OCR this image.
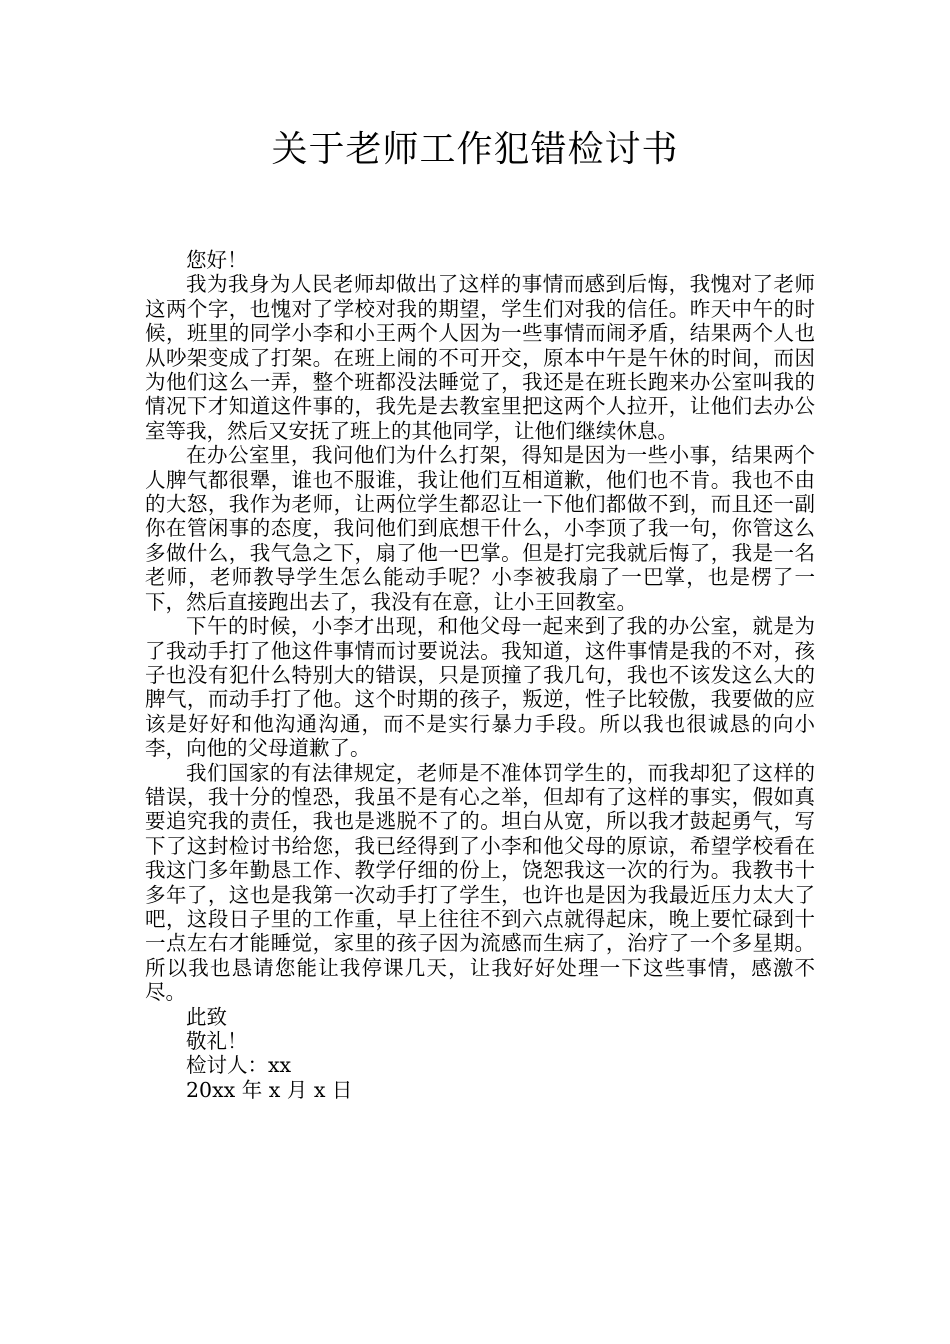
关于老师工作犯错检讨书
您好！

我为我身为人民老师却做出了这样的事情而感到后悔，我愧对了老师这两个字，也愧对了学校对我的期望，学生们对我的信任。昨天中午的时候，班里的同学小李和小王两个人因为一些事情而闹矛盾，结果两个人也从吵架变成了打架。在班上闹的不可开交，原本中午是午休的时间，而因为他们这么一弄，整个班都没法睡觉了，我还是在班长跑来办公室叫我的情况下才知道这件事的，我先是去教室里把这两个人拉开，让他们去办公室等我，然后又安抚了班上的其他同学，让他们继续休息。

在办公室里，我问他们为什么打架，得知是因为一些小事，结果两个人脾气都很犟，谁也不服谁，我让他们互相道歉，他们也不肯。我也不由的大怒，我作为老师，让两位学生都忍让一下他们都做不到，而且还一副你在管闲事的态度，我问他们到底想干什么，小李顶了我一句，你管这么多做什么，我气急之下，扇了他一巴掌。但是打完我就后悔了，我是一名老师，老师教导学生怎么能动手呢？小李被我扇了一巴掌，也是楞了一下，然后直接跑出去了，我没有在意，让小王回教室。

下午的时候，小李才出现，和他父母一起来到了我的办公室，就是为了我动手打了他这件事情而讨要说法。我知道，这件事情是我的不对，孩子也没有犯什么特别大的错误，只是顶撞了我几句，我也不该发这么大的脾气，而动手打了他。这个时期的孩子，叛逆，性子比较傲，我要做的应该是好好和他沟通沟通，而不是实行暴力手段。所以我也很诚恳的向小李，向他的父母道歉了。

我们国家的有法律规定，老师是不准体罚学生的，而我却犯了这样的错误，我十分的惶恐，我虽不是有心之举，但却有了这样的事实，假如真要追究我的责任，我也是逃脱不了的。坦白从宽，所以我才鼓起勇气，写下了这封检讨书给您，我已经得到了小李和他父母的原谅，希望学校看在我这门多年勤恳工作、教学仔细的份上，饶恕我这一次的行为。我教书十多年了，这也是我第一次动手打了学生，也许也是因为我最近压力太大了吧，这段日子里的工作重，早上往往不到六点就得起床，晚上要忙碌到十一点左右才能睡觉，家里的孩子因为流感而生病了，治疗了一个多星期。所以我也恳请您能让我停课几天，让我好好处理一下这些事情，感激不尽。

此致
敬礼！
检讨人：xx
20xx 年 x 月 x 日
